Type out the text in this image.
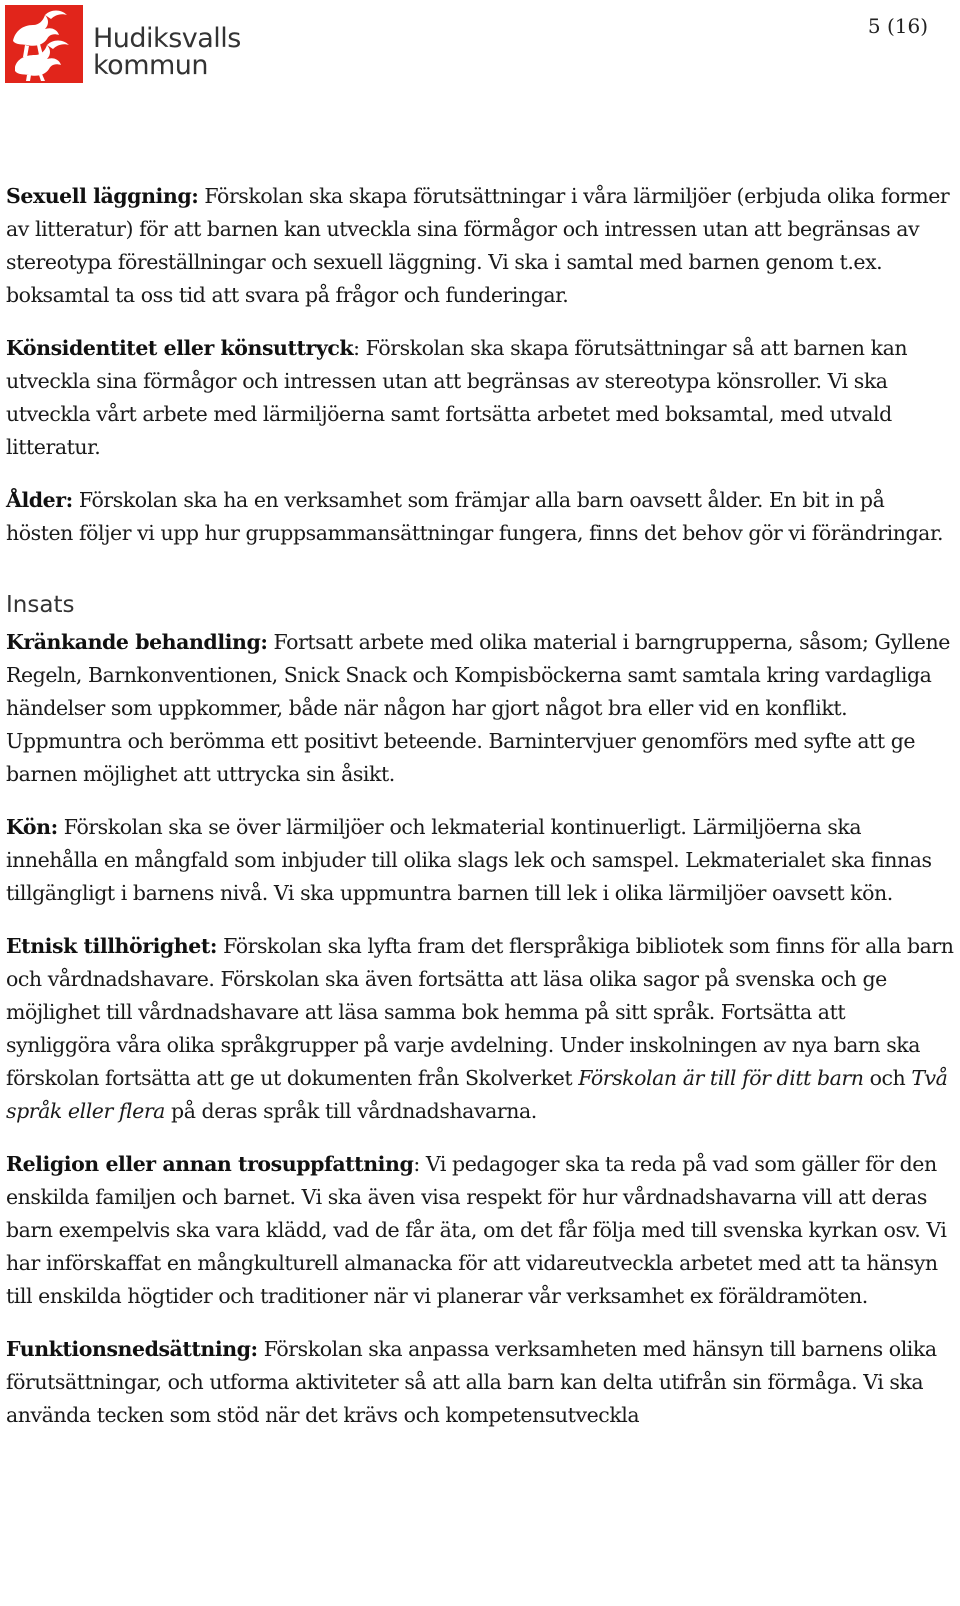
Hudiksvalls
kommun
5 (16)

Sexuell läggning: Förskolan ska skapa förutsättningar i våra lärmiljöer (erbjuda olika former av litteratur) för att barnen kan utveckla sina förmågor och intressen utan att begränsas av stereotypa föreställningar och sexuell läggning. Vi ska i samtal med barnen genom t.ex. boksamtal ta oss tid att svara på frågor och funderingar.

Könsidentitet eller könsuttryck: Förskolan ska skapa förutsättningar så att barnen kan utveckla sina förmågor och intressen utan att begränsas av stereotypa könsroller. Vi ska utveckla vårt arbete med lärmiljöerna samt fortsätta arbetet med boksamtal, med utvald litteratur.

Ålder: Förskolan ska ha en verksamhet som främjar alla barn oavsett ålder. En bit in på hösten följer vi upp hur gruppsammansättningar fungera, finns det behov gör vi förändringar.

Insats

Kränkande behandling: Fortsatt arbete med olika material i barngrupperna, såsom; Gyllene Regeln, Barnkonventionen, Snick Snack och Kompisböckerna samt samtala kring vardagliga händelser som uppkommer, både när någon har gjort något bra eller vid en konflikt. Uppmuntra och berömma ett positivt beteende. Barnintervjuer genomförs med syfte att ge barnen möjlighet att uttrycka sin åsikt.

Kön: Förskolan ska se över lärmiljöer och lekmaterial kontinuerligt. Lärmiljöerna ska innehålla en mångfald som inbjuder till olika slags lek och samspel. Lekmaterialet ska finnas tillgängligt i barnens nivå. Vi ska uppmuntra barnen till lek i olika lärmiljöer oavsett kön.

Etnisk tillhörighet: Förskolan ska lyfta fram det flerspråkiga bibliotek som finns för alla barn och vårdnadshavare. Förskolan ska även fortsätta att läsa olika sagor på svenska och ge möjlighet till vårdnadshavare att läsa samma bok hemma på sitt språk. Fortsätta att synliggöra våra olika språkgrupper på varje avdelning. Under inskolningen av nya barn ska förskolan fortsätta att ge ut dokumenten från Skolverket Förskolan är till för ditt barn och Två språk eller flera på deras språk till vårdnadshavarna.

Religion eller annan trosuppfattning: Vi pedagoger ska ta reda på vad som gäller för den enskilda familjen och barnet. Vi ska även visa respekt för hur vårdnadshavarna vill att deras barn exempelvis ska vara klädd, vad de får äta, om det får följa med till svenska kyrkan osv. Vi har införskaffat en mångkulturell almanacka för att vidareutveckla arbetet med att ta hänsyn till enskilda högtider och traditioner när vi planerar vår verksamhet ex föräldramöten.

Funktionsnedsättning: Förskolan ska anpassa verksamheten med hänsyn till barnens olika förutsättningar, och utforma aktiviteter så att alla barn kan delta utifrån sin förmåga. Vi ska använda tecken som stöd när det krävs och kompetensutveckla
